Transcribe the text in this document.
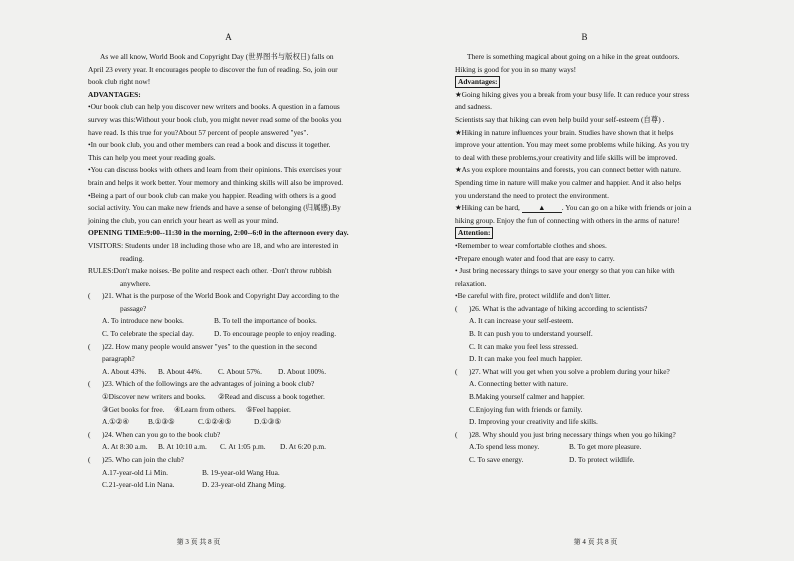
A
As we all know, World Book and Copyright Day (世界图书与版权日) falls on
April 23 every year. It encourages people to discover the fun of reading. So, join our
book club right now!
ADVANTAGES:
•Our book club can help you discover new writers and books. A question in a famous
survey was this:Without your book club, you might never read some of the books you
have read. Is this true for you?About 57 percent of people answered "yes".
•In our book club, you and other members can read a book and discuss it together.
This can help you meet your reading goals.
•You can discuss books with others and learn from their opinions. This exercises your
brain and helps it work better. Your memory and thinking skills will also be improved.
•Being a part of our book club can make you happier. Reading with others is a good
social activity. You can make new friends and have a sense of belonging (归属感).By
joining the club, you can enrich your heart as well as your mind.
OPENING TIME:9:00--11:30 in the morning, 2:00--6:0 in the afternoon every day.
VISITORS: Students under 18 including those who are 18, and who are interested in
reading.
RULES:Don't make noises.·Be polite and respect each other. ·Don't throw rubbish
anywhere.
( )21. What is the purpose of the World Book and Copyright Day according to the
passage?
A. To introduce new books.	B. To tell the importance of books.
C. To celebrate the special day.	D. To encourage people to enjoy reading.
( )22. How many people would answer "yes" to the question in the second
paragraph?
A. About 43%.	B. About 44%.	C. About 57%.	D. About 100%.
( )23. Which of the followings are the advantages of joining a book club?
①Discover new writers and books.	②Read and discuss a book together.
③Get books for free.	④Learn from others.	⑤Feel happier.
A.①②④	B.①③⑤	C.①②④⑤	D.①③⑤
( )24. When can you go to the book club?
A. At 8:30 a.m.	B. At 10:10 a.m.	C. At 1:05 p.m.	D. At 6:20 p.m.
( )25. Who can join the club?
A.17-year-old Li Min.	B. 19-year-old Wang Hua.
C.21-year-old Lin Nana.	D. 23-year-old Zhang Ming.
第 3 页 共 8 页
B
There is something magical about going on a hike in the great outdoors.
Hiking is good for you in so many ways!
Advantages:
★Going hiking gives you a break from your busy life. It can reduce your stress
and sadness.
Scientists say that hiking can even help build your self-esteem (自尊) .
★Hiking in nature influences your brain. Studies have shown that it helps
improve your attention. You may meet some problems while hiking. As you try
to deal with these problems,your creativity and life skills will be improved.
★As you explore mountains and forests, you can connect better with nature.
Spending time in nature will make you calmer and happier. And it also helps
you understand the need to protect the environment.
★Hiking can be hard, ▲ . You can go on a hike with friends or join a
hiking group. Enjoy the fun of connecting with others in the arms of nature!
Attention:
•Remember to wear comfortable clothes and shoes.
•Prepare enough water and food that are easy to carry.
• Just bring necessary things to save your energy so that you can hike with
relaxation.
•Be careful with fire, protect wildlife and don't litter.
( )26. What is the advantage of hiking according to scientists?
A. It can increase your self-esteem.
B. It can push you to understand yourself.
C. It can make you feel less stressed.
D. It can make you feel much happier.
( )27. What will you get when you solve a problem during your hike?
A. Connecting better with nature.
B.Making yourself calmer and happier.
C.Enjoying fun with friends or family.
D. Improving your creativity and life skills.
( )28. Why should you just bring necessary things when you go hiking?
A.To spend less money.	B. To get more pleasure.
C. To save energy.	D. To protect wildlife.
第 4 页 共 8 页
